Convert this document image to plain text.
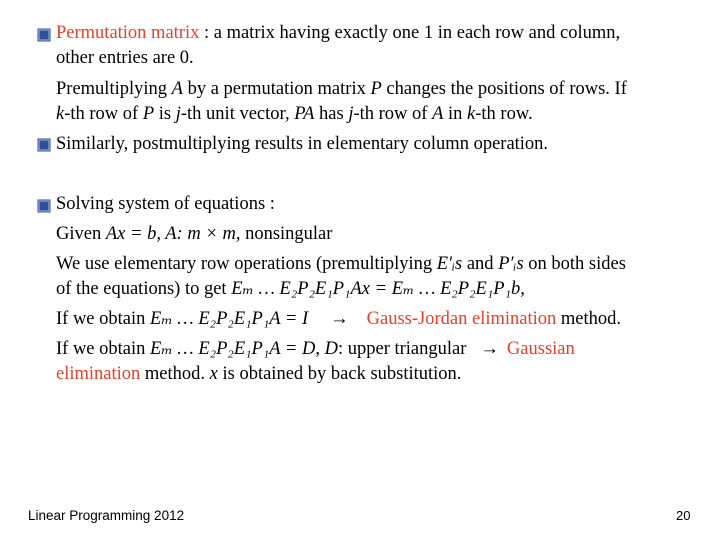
Permutation matrix : a matrix having exactly one 1 in each row and column,
other entries are 0.
Premultiplying A by a permutation matrix P changes the positions of rows. If
k-th row of P is j-th unit vector, PA has j-th row of A in k-th row.
Similarly, postmultiplying results in elementary column operation.
Solving system of equations :
Given Ax = b, A: m × m, nonsingular
We use elementary row operations (premultiplying E′ᵢs and P′ᵢs on both sides
of the equations) to get Eₘ … E₂P₂E₁P₁Ax = Eₘ … E₂P₂E₁P₁b,
If we obtain Eₘ … E₂P₂E₁P₁A = I → Gauss-Jordan elimination method.
If we obtain Eₘ … E₂P₂E₁P₁A = D, D: upper triangular → Gaussian
elimination method. x is obtained by back substitution.
Linear Programming 2012	20
